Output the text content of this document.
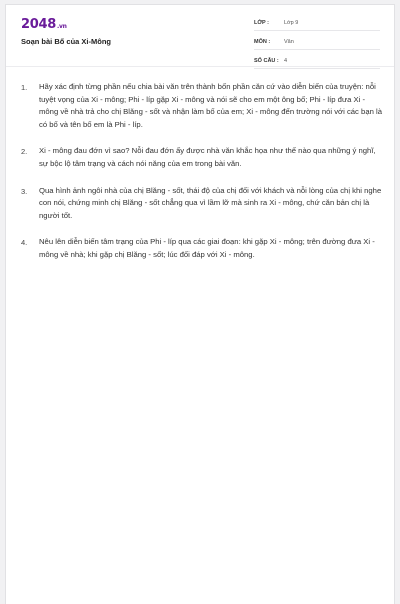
2048.vn
Soạn bài Bố của Xi-Mông
LỚP :	Lớp 9
MÔN :	Văn
SỐ CÂU : 4
1.	Hãy xác định từng phần nếu chia bài văn trên thành bốn phần căn cứ vào diễn biến của truyện: nỗi tuyệt vọng của Xi - mông; Phi - líp gặp Xi - mông và nói sẽ cho em một ông bố; Phi - líp đưa Xi - mông về nhà trả cho chị Blăng - sốt và nhận làm bố của em; Xi - mông đến trường nói với các bạn là có bố và tên bố em là Phi - líp.

2.	Xi - mông đau đớn vì sao? Nỗi đau đớn ấy được nhà văn khắc họa như thế nào qua những ý nghĩ, sự bộc lộ tâm trạng và cách nói năng của em trong bài văn.

3.	Qua hình ảnh ngôi nhà của chị Blăng - sốt, thái độ của chị đối với khách và nỗi lòng của chị khi nghe con nói, chứng minh chị Blăng - sốt chẳng qua vì lầm lỡ mà sinh ra Xi - mông, chứ căn bản chị là người tốt.

4.	Nêu lên diễn biến tâm trạng của Phi - líp qua các giai đoạn: khi gặp Xi - mông; trên đường đưa Xi - mông về nhà; khi gặp chị Blăng - sốt; lúc đối đáp với Xi - mông.
